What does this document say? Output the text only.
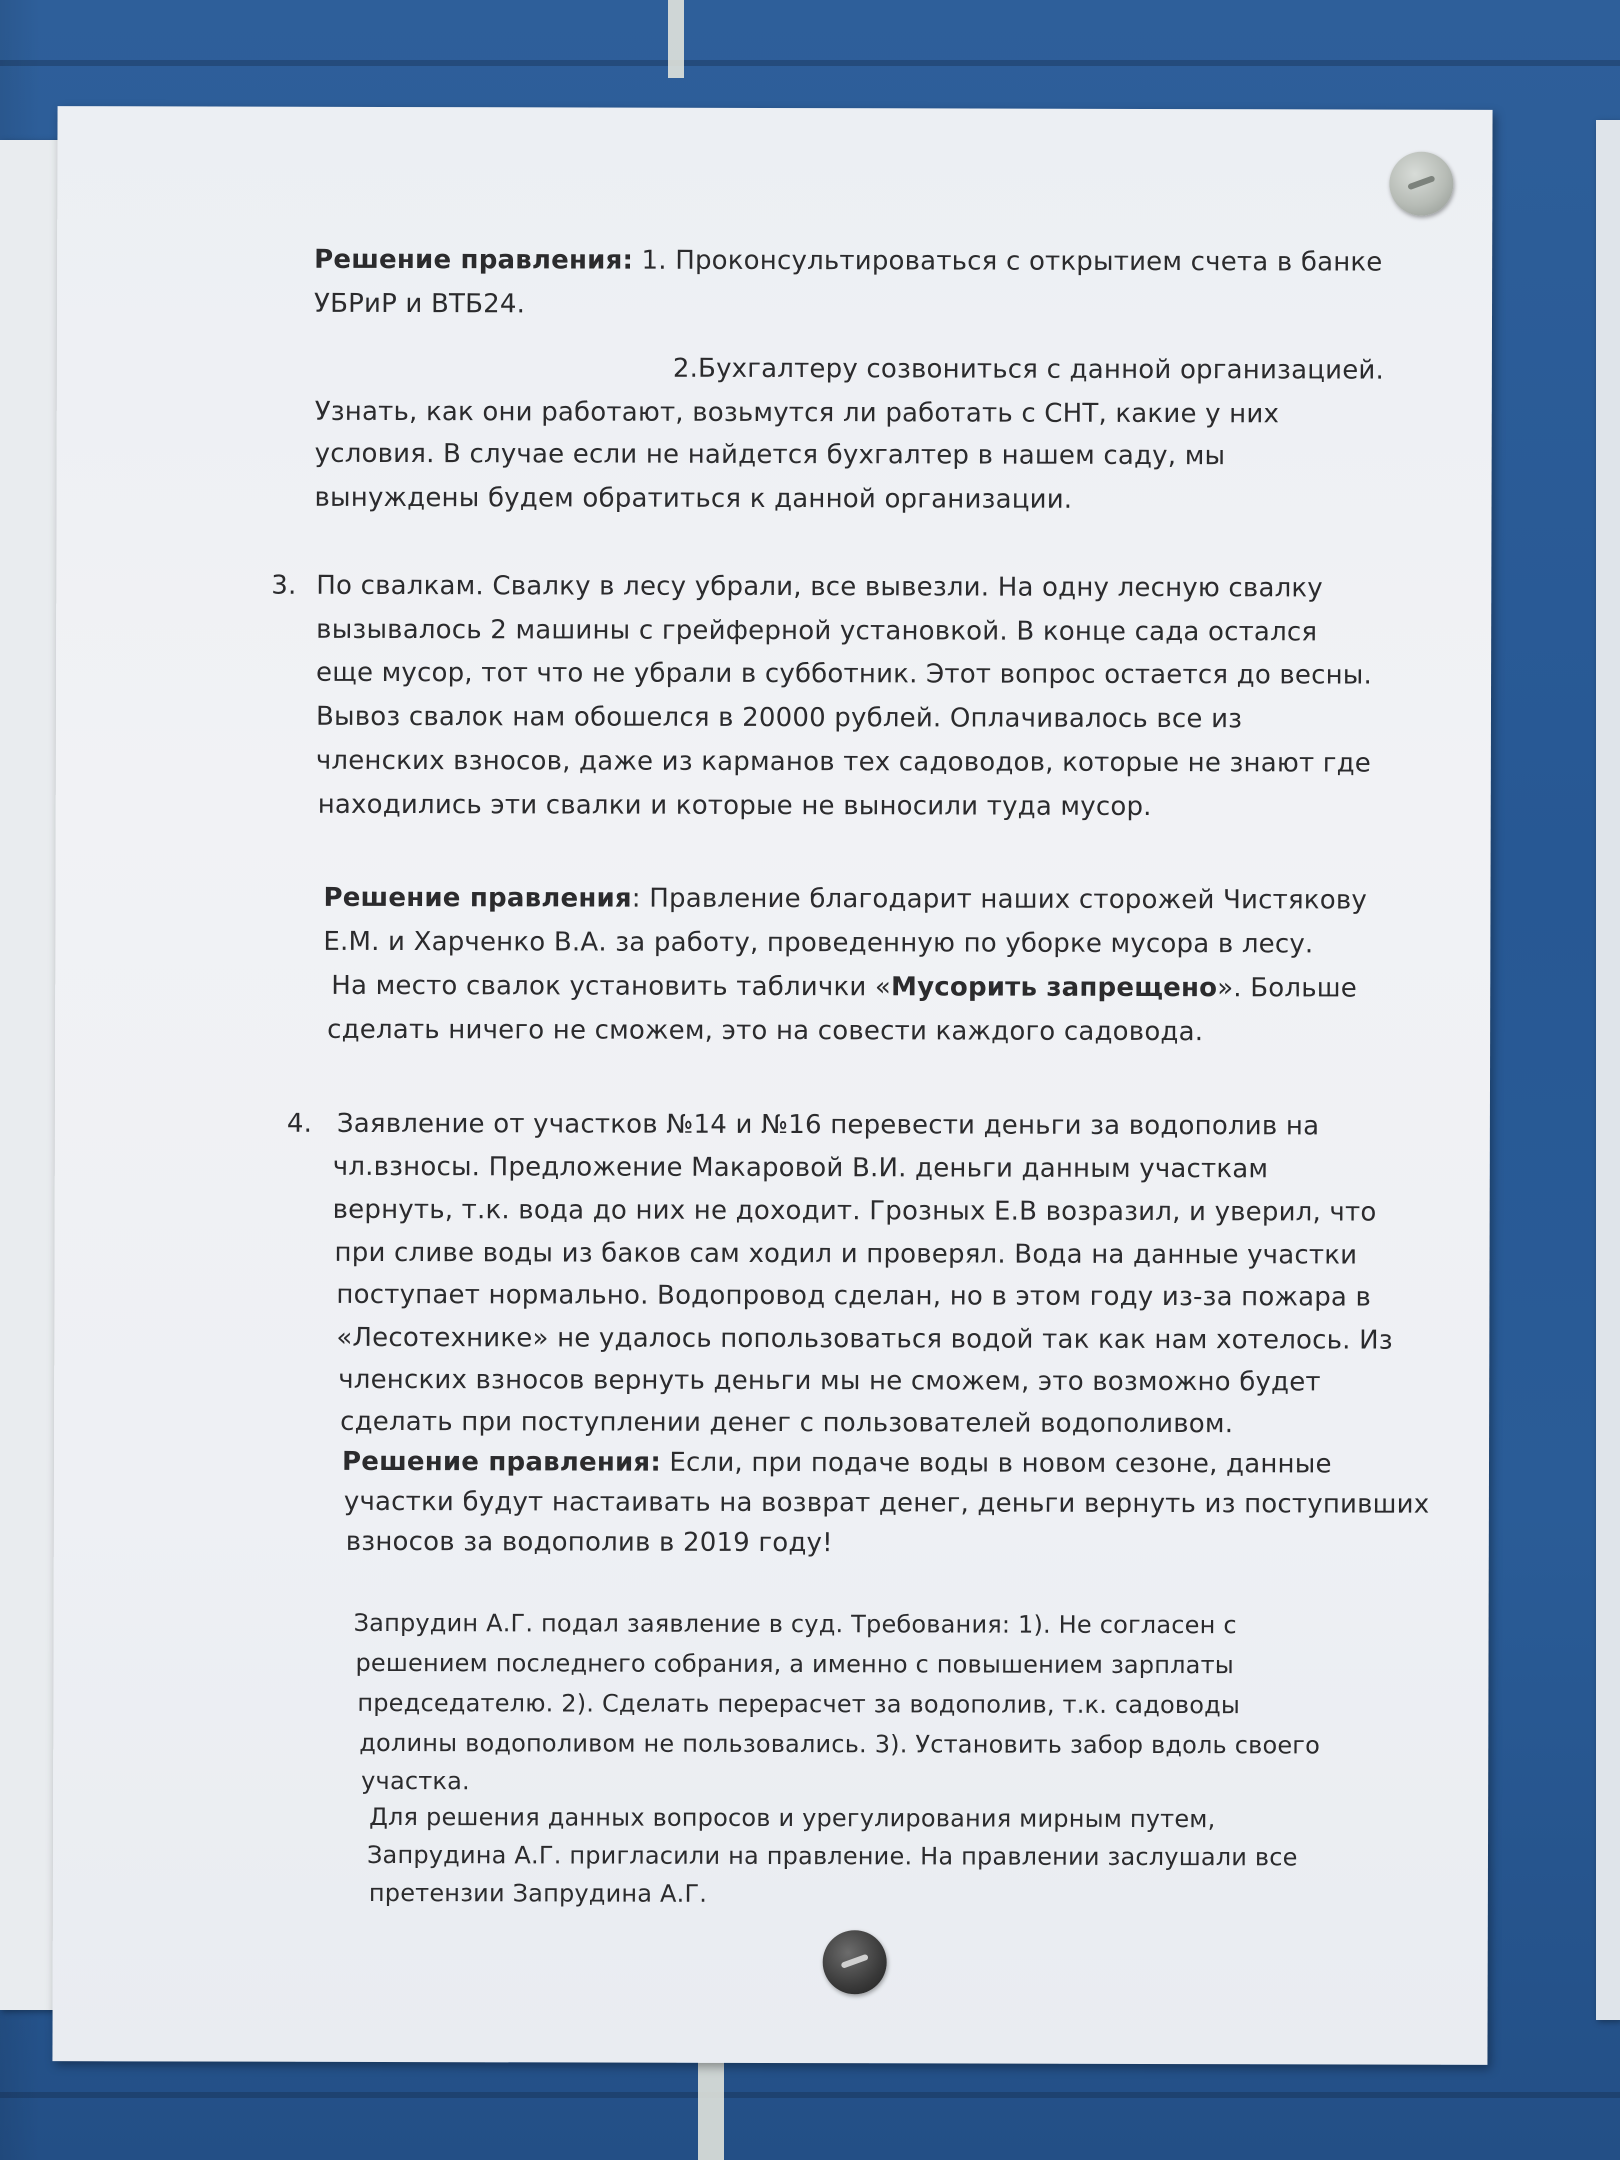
Решение правления: 1. Проконсультироваться с открытием счета в банке
УБРиР и ВТБ24.
2.Бухгалтеру созвониться с данной организацией.
Узнать, как они работают, возьмутся ли работать с СНТ, какие у них
условия. В случае если не найдется бухгалтер в нашем саду, мы
вынуждены будем обратиться к данной организации.
3. По свалкам. Свалку в лесу убрали, все вывезли. На одну лесную свалку
вызывалось 2 машины с грейферной установкой. В конце сада остался
еще мусор, тот что не убрали в субботник. Этот вопрос остается до весны.
Вывоз свалок нам обошелся в 20000 рублей. Оплачивалось все из
членских взносов, даже из карманов тех садоводов, которые не знают где
находились эти свалки и которые не выносили туда мусор.
Решение правления: Правление благодарит наших сторожей Чистякову
Е.М. и Харченко В.А. за работу, проведенную по уборке мусора в лесу.
На место свалок установить таблички «Мусорить запрещено». Больше
сделать ничего не сможем, это на совести каждого садовода.
4. Заявление от участков №14 и №16 перевести деньги за водополив на
чл.взносы. Предложение Макаровой В.И. деньги данным участкам
вернуть, т.к. вода до них не доходит. Грозных Е.В возразил, и уверил, что
при сливе воды из баков сам ходил и проверял. Вода на данные участки
поступает нормально. Водопровод сделан, но в этом году из-за пожара в
«Лесотехнике» не удалось попользоваться водой так как нам хотелось. Из
членских взносов вернуть деньги мы не сможем, это возможно будет
сделать при поступлении денег с пользователей водополивом.
Решение правления: Если, при подаче воды в новом сезоне, данные
участки будут настаивать на возврат денег, деньги вернуть из поступивших
взносов за водополив в 2019 году!
Запрудин А.Г. подал заявление в суд. Требования: 1). Не согласен с
решением последнего собрания, а именно с повышением зарплаты
председателю. 2). Сделать перерасчет за водополив, т.к. садоводы
долины водополивом не пользовались. 3). Установить забор вдоль своего
участка.
Для решения данных вопросов и урегулирования мирным путем,
Запрудина А.Г. пригласили на правление. На правлении заслушали все
претензии Запрудина А.Г.
